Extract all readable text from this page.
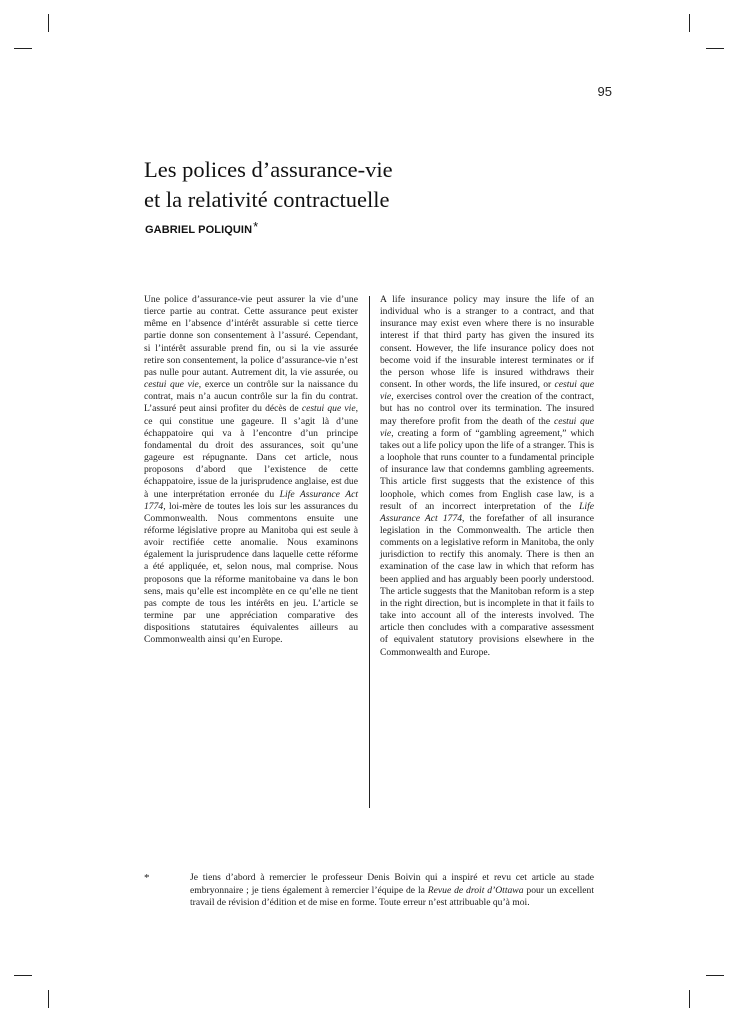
95
Les polices d’assurance-vie
et la relativité contractuelle
GABRIEL POLIQUIN*
Une police d’assurance-vie peut assurer la vie d’une tierce partie au contrat. Cette assurance peut exister même en l’absence d’intérêt assurable si cette tierce partie donne son consentement à l’assuré. Cependant, si l’intérêt assurable prend fin, ou si la vie assurée retire son consentement, la police d’assurance-vie n’est pas nulle pour autant. Autrement dit, la vie assurée, ou cestui que vie, exerce un contrôle sur la naissance du contrat, mais n’a aucun contrôle sur la fin du contrat. L’assuré peut ainsi profiter du décès de cestui que vie, ce qui constitue une gageure. Il s’agit là d’une échappatoire qui va à l’encontre d’un principe fondamental du droit des assurances, soit qu’une gageure est répugnante. Dans cet article, nous proposons d’abord que l’existence de cette échappatoire, issue de la jurisprudence anglaise, est due à une interprétation erronée du Life Assurance Act 1774, loi-mère de toutes les lois sur les assurances du Commonwealth. Nous commentons ensuite une réforme législative propre au Manitoba qui est seule à avoir rectifiée cette anomalie. Nous examinons également la jurisprudence dans laquelle cette réforme a été appliquée, et, selon nous, mal comprise. Nous proposons que la réforme manitobaine va dans le bon sens, mais qu’elle est incomplète en ce qu’elle ne tient pas compte de tous les intérêts en jeu. L’article se termine par une appréciation comparative des dispositions statutaires équivalentes ailleurs au Commonwealth ainsi qu’en Europe.
A life insurance policy may insure the life of an individual who is a stranger to a contract, and that insurance may exist even where there is no insurable interest if that third party has given the insured its consent. However, the life insurance policy does not become void if the insurable interest terminates or if the person whose life is insured withdraws their consent. In other words, the life insured, or cestui que vie, exercises control over the creation of the contract, but has no control over its termination. The insured may therefore profit from the death of the cestui que vie, creating a form of “gambling agreement,” which takes out a life policy upon the life of a stranger. This is a loophole that runs counter to a fundamental principle of insurance law that condemns gambling agreements. This article first suggests that the existence of this loophole, which comes from English case law, is a result of an incorrect interpretation of the Life Assurance Act 1774, the forefather of all insurance legislation in the Commonwealth. The article then comments on a legislative reform in Manitoba, the only jurisdiction to rectify this anomaly. There is then an examination of the case law in which that reform has been applied and has arguably been poorly understood. The article suggests that the Manitoban reform is a step in the right direction, but is incomplete in that it fails to take into account all of the interests involved. The article then concludes with a comparative assessment of equivalent statutory provisions elsewhere in the Commonwealth and Europe.
*	Je tiens d’abord à remercier le professeur Denis Boivin qui a inspiré et revu cet article au stade embryonnaire ; je tiens également à remercier l’équipe de la Revue de droit d’Ottawa pour un excellent travail de révision d’édition et de mise en forme. Toute erreur n’est attribuable qu’à moi.
